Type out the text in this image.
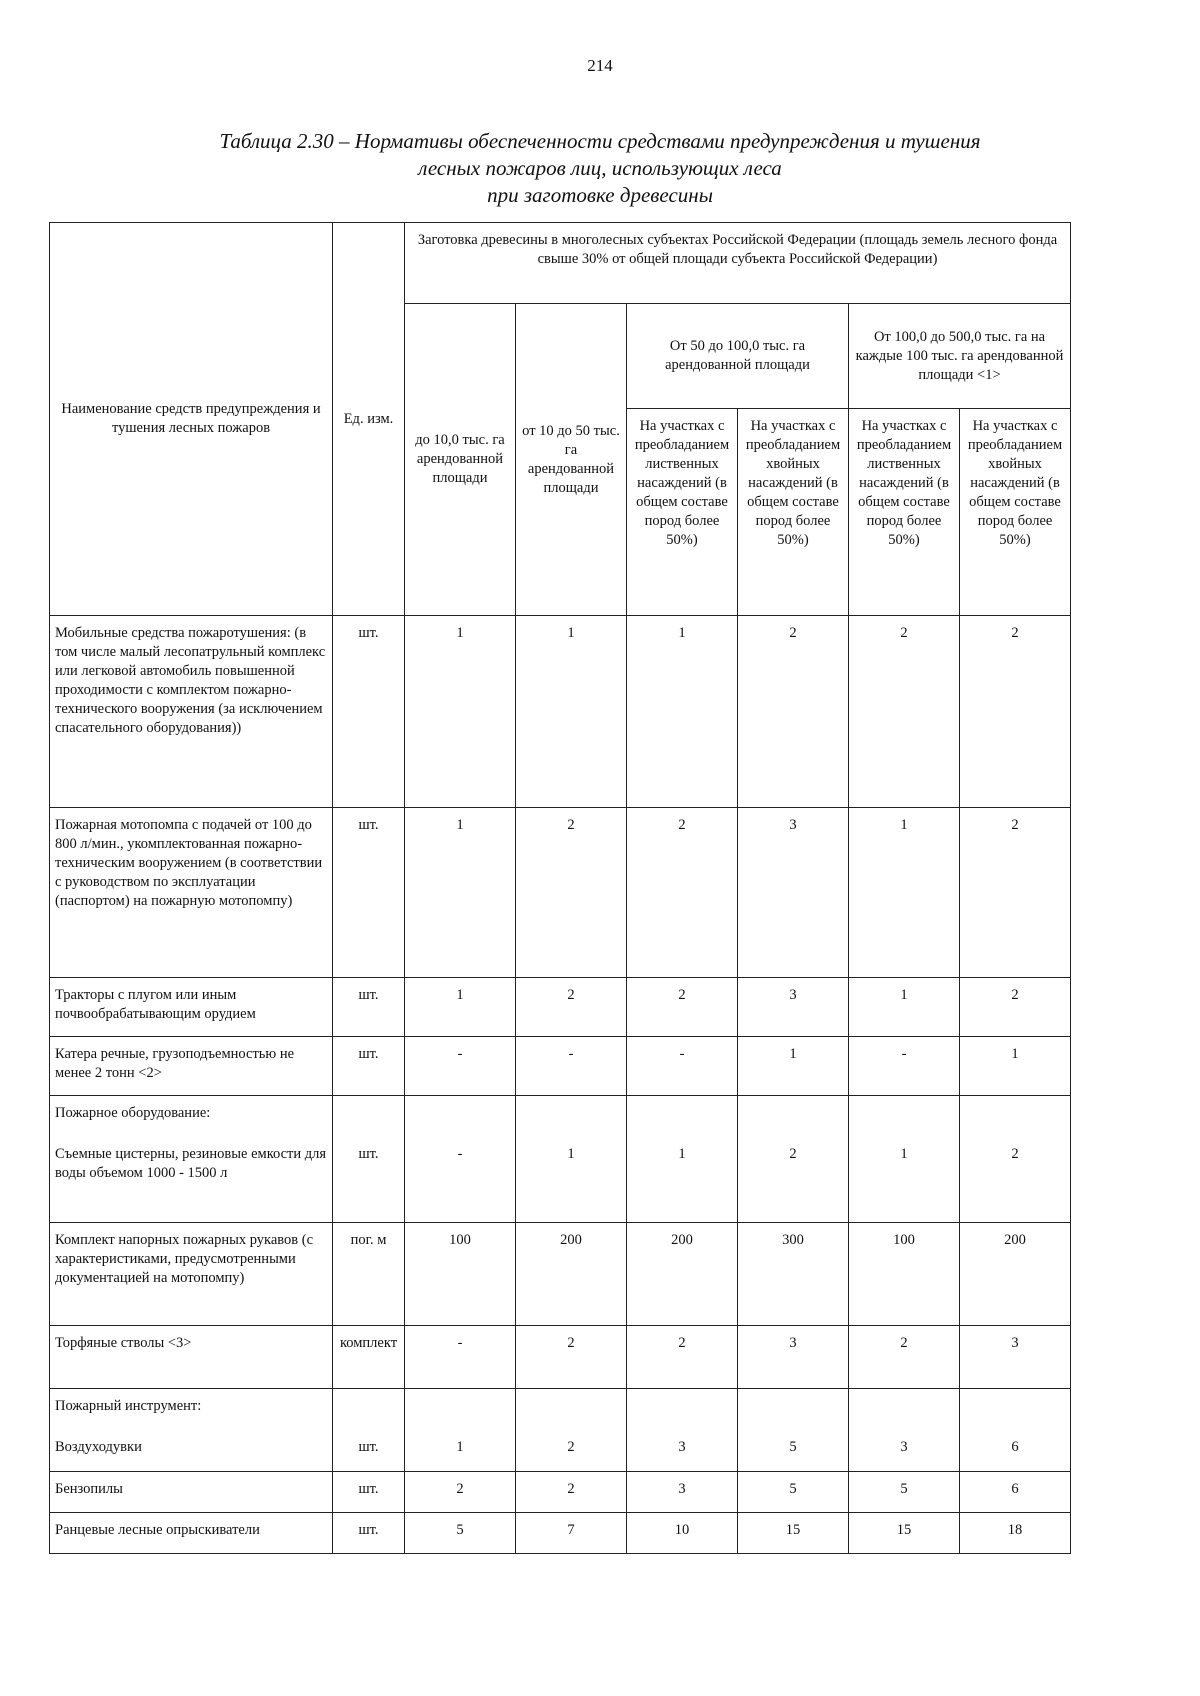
214
Таблица 2.30 – Нормативы обеспеченности средствами предупреждения и тушения
лесных пожаров лиц, использующих леса
при заготовке древесины
Наименование средств предупреждения и тушения лесных пожаров	Ед. изм.	Заготовка древесины в многолесных субъектах Российской Федерации (площадь земель лесного фонда свыше 30% от общей площади субъекта Российской Федерации)					
		до 10,0 тыс. га арендованной площади	от 10 до 50 тыс. га арендованной площади	От 50 до 100,0 тыс. га арендованной площади		От 100,0 до 500,0 тыс. га на каждые 100 тыс. га арендованной площади <1>	
				На участках с преобладанием лиственных насаждений (в общем составе пород более 50%)	На участках с преобладанием хвойных насаждений (в общем составе пород более 50%)	На участках с преобладанием лиственных насаждений (в общем составе пород более 50%)	На участках с преобладанием хвойных насаждений (в общем составе пород более 50%)
Мобильные средства пожаротушения: (в том числе малый лесопатрульный комплекс или легковой автомобиль повышенной проходимости с комплектом пожарно-технического вооружения (за исключением спасательного оборудования))	шт.	1	1	1	2	2	2
Пожарная мотопомпа с подачей от 100 до 800 л/мин., укомплектованная пожарно-техническим вооружением (в соответствии с руководством по эксплуатации (паспортом) на пожарную мотопомпу)	шт.	1	2	2	3	1	2
Тракторы с плугом или иным почвообрабатывающим орудием	шт.	1	2	2	3	1	2
Катера речные, грузоподъемностью не менее 2 тонн <2>	шт.	-	-	-	1	-	1
Пожарное оборудование:
Съемные цистерны, резиновые емкости для воды объемом 1000 - 1500 л	шт.	-	1	1	2	1	2
Комплект напорных пожарных рукавов (с характеристиками, предусмотренными документацией на мотопомпу)	пог. м	100	200	200	300	100	200
Торфяные стволы <3>	комплект	-	2	2	3	2	3
Пожарный инструмент:
Воздуходувки	шт.	1	2	3	5	3	6
Бензопилы	шт.	2	2	3	5	5	6
Ранцевые лесные опрыскиватели	шт.	5	7	10	15	15	18
